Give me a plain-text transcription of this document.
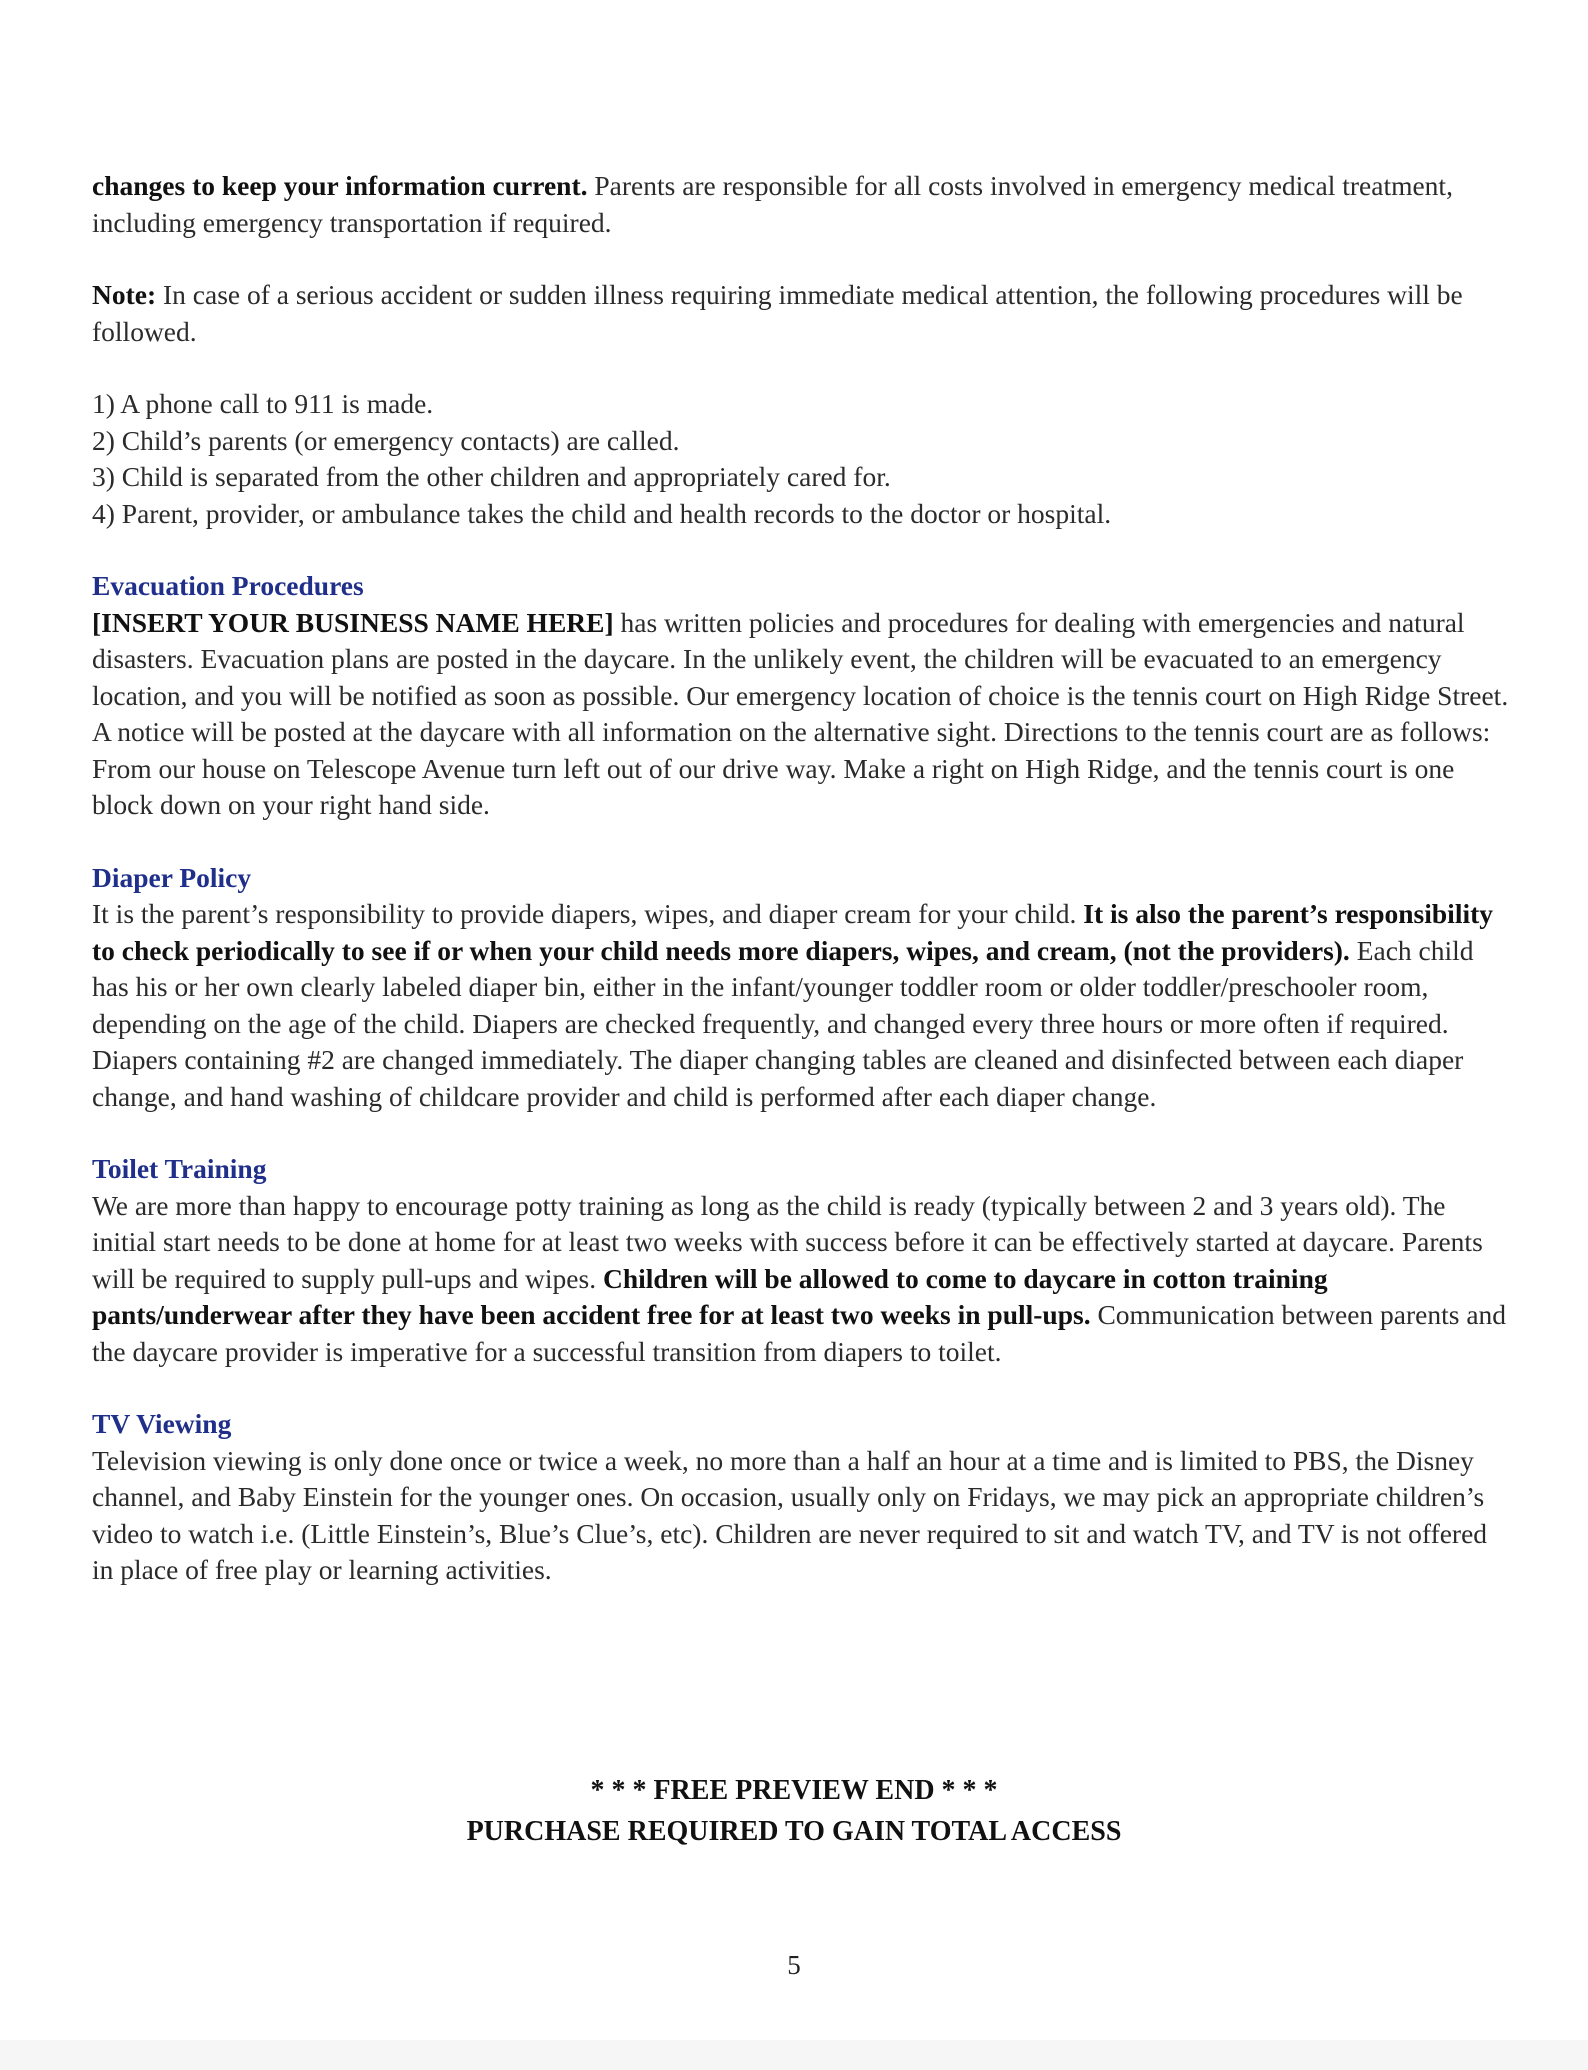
changes to keep your information current. Parents are responsible for all costs involved in emergency medical treatment, including emergency transportation if required.

Note: In case of a serious accident or sudden illness requiring immediate medical attention, the following procedures will be followed.

1) A phone call to 911 is made.

2) Child’s parents (or emergency contacts) are called.

3) Child is separated from the other children and appropriately cared for.

4) Parent, provider, or ambulance takes the child and health records to the doctor or hospital.

Evacuation Procedures

[INSERT YOUR BUSINESS NAME HERE] has written policies and procedures for dealing with emergencies and natural disasters. Evacuation plans are posted in the daycare. In the unlikely event, the children will be evacuated to an emergency location, and you will be notified as soon as possible. Our emergency location of choice is the tennis court on High Ridge Street. A notice will be posted at the daycare with all information on the alternative sight. Directions to the tennis court are as follows: From our house on Telescope Avenue turn left out of our drive way. Make a right on High Ridge, and the tennis court is one block down on your right hand side.

Diaper Policy

It is the parent’s responsibility to provide diapers, wipes, and diaper cream for your child. It is also the parent’s responsibility to check periodically to see if or when your child needs more diapers, wipes, and cream, (not the providers). Each child has his or her own clearly labeled diaper bin, either in the infant/younger toddler room or older toddler/preschooler room, depending on the age of the child. Diapers are checked frequently, and changed every three hours or more often if required. Diapers containing #2 are changed immediately. The diaper changing tables are cleaned and disinfected between each diaper change, and hand washing of childcare provider and child is performed after each diaper change.

Toilet Training

We are more than happy to encourage potty training as long as the child is ready (typically between 2 and 3 years old). The initial start needs to be done at home for at least two weeks with success before it can be effectively started at daycare. Parents will be required to supply pull-ups and wipes. Children will be allowed to come to daycare in cotton training pants/underwear after they have been accident free for at least two weeks in pull-ups. Communication between parents and the daycare provider is imperative for a successful transition from diapers to toilet.

TV Viewing

Television viewing is only done once or twice a week, no more than a half an hour at a time and is limited to PBS, the Disney channel, and Baby Einstein for the younger ones. On occasion, usually only on Fridays, we may pick an appropriate children’s video to watch i.e. (Little Einstein’s, Blue’s Clue’s, etc). Children are never required to sit and watch TV, and TV is not offered in place of free play or learning activities.

* * * FREE PREVIEW END * * *
PURCHASE REQUIRED TO GAIN TOTAL ACCESS
5
